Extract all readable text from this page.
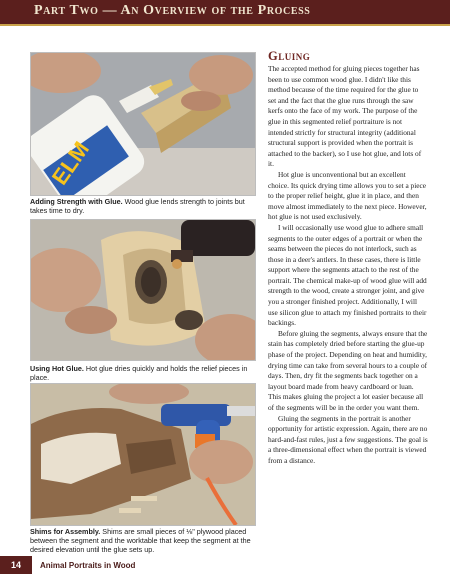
Part Two — An Overview of the Process
ELM
Adding Strength with Glue. Wood glue lends strength to joints but takes time to dry.
Using Hot Glue. Hot glue dries quickly and holds the relief pieces in place.
Shims for Assembly. Shims are small pieces of ⅛" plywood placed between the segment and the worktable that keep the segment at the desired elevation until the glue sets up.
Gluing

The accepted method for gluing pieces together has been to use common wood glue. I didn't like this method because of the time required for the glue to set and the fact that the glue runs through the saw kerfs onto the face of my work. The purpose of the glue in this segmented relief portraiture is not intended strictly for structural integrity (additional structural support is provided when the portrait is attached to the backer), so I use hot glue, and lots of it.

Hot glue is unconventional but an excellent choice. Its quick drying time allows you to set a piece to the proper relief height, glue it in place, and then move almost immediately to the next piece. However, hot glue is not used exclusively.

I will occasionally use wood glue to adhere small segments to the outer edges of a portrait or when the seams between the pieces do not interlock, such as those in a deer's antlers. In these cases, there is little support where the segments attach to the rest of the portrait. The chemical make-up of wood glue will add strength to the wood, create a stronger joint, and give you a stronger finished project. Additionally, I will use silicon glue to attach my finished portraits to their backings.

Before gluing the segments, always ensure that the stain has completely dried before starting the glue-up phase of the project. Depending on heat and humidity, drying time can take from several hours to a couple of days. Then, dry fit the segments back together on a layout board made from heavy cardboard or luan. This makes gluing the project a lot easier because all of the segments will be in the order you want them.

Gluing the segments in the portrait is another opportunity for artistic expression. Again, there are no hard-and-fast rules, just a few suggestions. The goal is a three-dimensional effect when the portrait is viewed from a distance.

14	Animal Portraits in Wood
